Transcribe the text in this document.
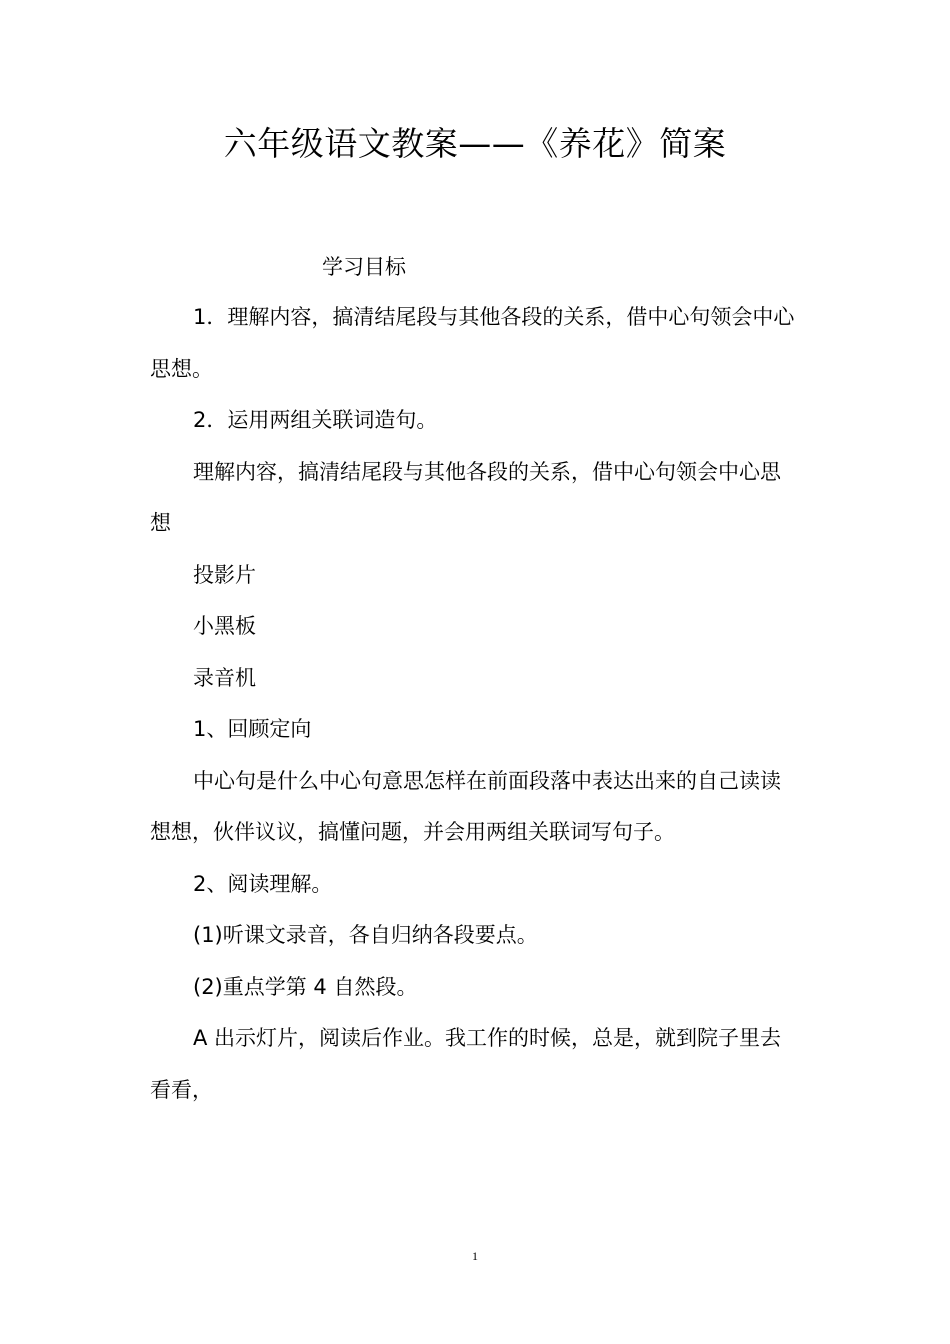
六年级语文教案——《养花》简案
学习目标

1．理解内容，搞清结尾段与其他各段的关系，借中心句领会中心思想。

2．运用两组关联词造句。

理解内容，搞清结尾段与其他各段的关系，借中心句领会中心思想

投影片

小黑板

录音机

1、回顾定向

中心句是什么中心句意思怎样在前面段落中表达出来的自己读读想想，伙伴议议，搞懂问题，并会用两组关联词写句子。

2、阅读理解。

(1)听课文录音，各自归纳各段要点。

(2)重点学第 4 自然段。

A 出示灯片，阅读后作业。我工作的时候，总是，就到院子里去看看，

1
